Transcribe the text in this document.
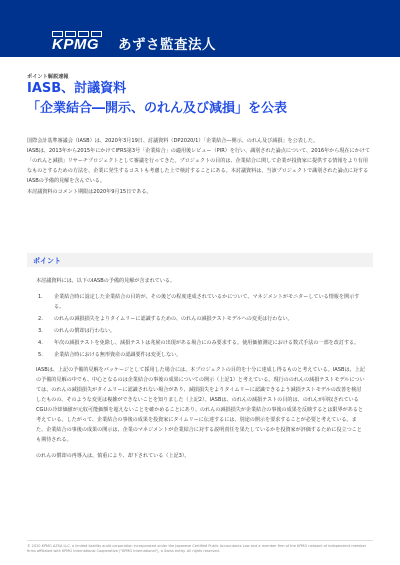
KPMG あずさ監査法人
ポイント解説速報
IASB、討議資料
「企業結合―開示、のれん及び減損」を公表

国際会計基準審議会（IASB）は、2020年3月19日、討議資料（DP2020/1）「企業結合―開示、のれん及び減損」を公表した。

IASBは、2013年から2015年にかけてIFRS第3号「企業結合」の適用後レビュー（PIR）を行い、識別された論点について、2016年から現在にかけて「のれんと減損」リサーチプロジェクトとして審議を行ってきた。プロジェクトの目的は、企業結合に関して企業が投資家に提供する情報をより有用なものとするための方法を、企業に発生するコストも考慮した上で検討することにある。本討議資料は、当該プロジェクトで識別された論点に対するIASBの予備的見解を含んでいる。

本討議資料のコメント期限は2020年9月15日である。

ポイント

本討議資料には、以下のIASBの予備的見解が含まれている。

1.	企業結合時に設定した企業結合の目的が、その後どの程度達成されているかについて、マネジメントがモニターしている情報を開示する。
2.	のれんの減損損失をよりタイムリーに認識するための、のれんの減損テストモデルへの変更は行わない。
3.	のれんの償却は行わない。
4.	年次の減損テストを免除し、減損テストは兆候の出現がある場合にのみ要求する。使用価値測定における数式手法の一部を改訂する。
5.	企業結合時における無形資産の認識要件は変更しない。

IASBは、上記の予備的見解をパッケージとして採用した場合には、本プロジェクトの目的を十分に達成し得るものと考えている。IASBは、上記の予備的見解の中でも、中心となるのは企業結合の事後の成果についての開示（上記1）と考えている。現行ののれんの減損テストモデルについては、のれんの減損損失がタイムリーに認識されない場合があり、減損損失をよりタイムリーに認識できるよう減損テストモデルの改善を検討したものの、そのような変更は複雑ができないことを知りました（上記2）。IASBは、のれんの減損テストの目的は、のれんが回収されているCGUの冷却価値が元収可能価額を超えないことを確かめることにあり、のれんの減損損失が企業結合の事後の成果を反映するとは限界があると考えている。したがって、企業結合の事後の成果を投資家にタイムリーに伝達するには、別途の開示を要求することが必要と考えている。また、企業結合の事後の成果の開示は、企業のマネジメントが企業結合に対する説明責任を果たしているかを投資家が評価するために役立つことも期待される。

のれんの償却の再導入は、慎重により、却下されている（上記3）。

© 2020 KPMG AZSA LLC, a limited liability audit corporation incorporated under the Japanese Certified Public Accountants Law and a member firm of the KPMG network of independent member firms affiliated with KPMG International Cooperative ("KPMG International"), a Swiss entity. All rights reserved.
